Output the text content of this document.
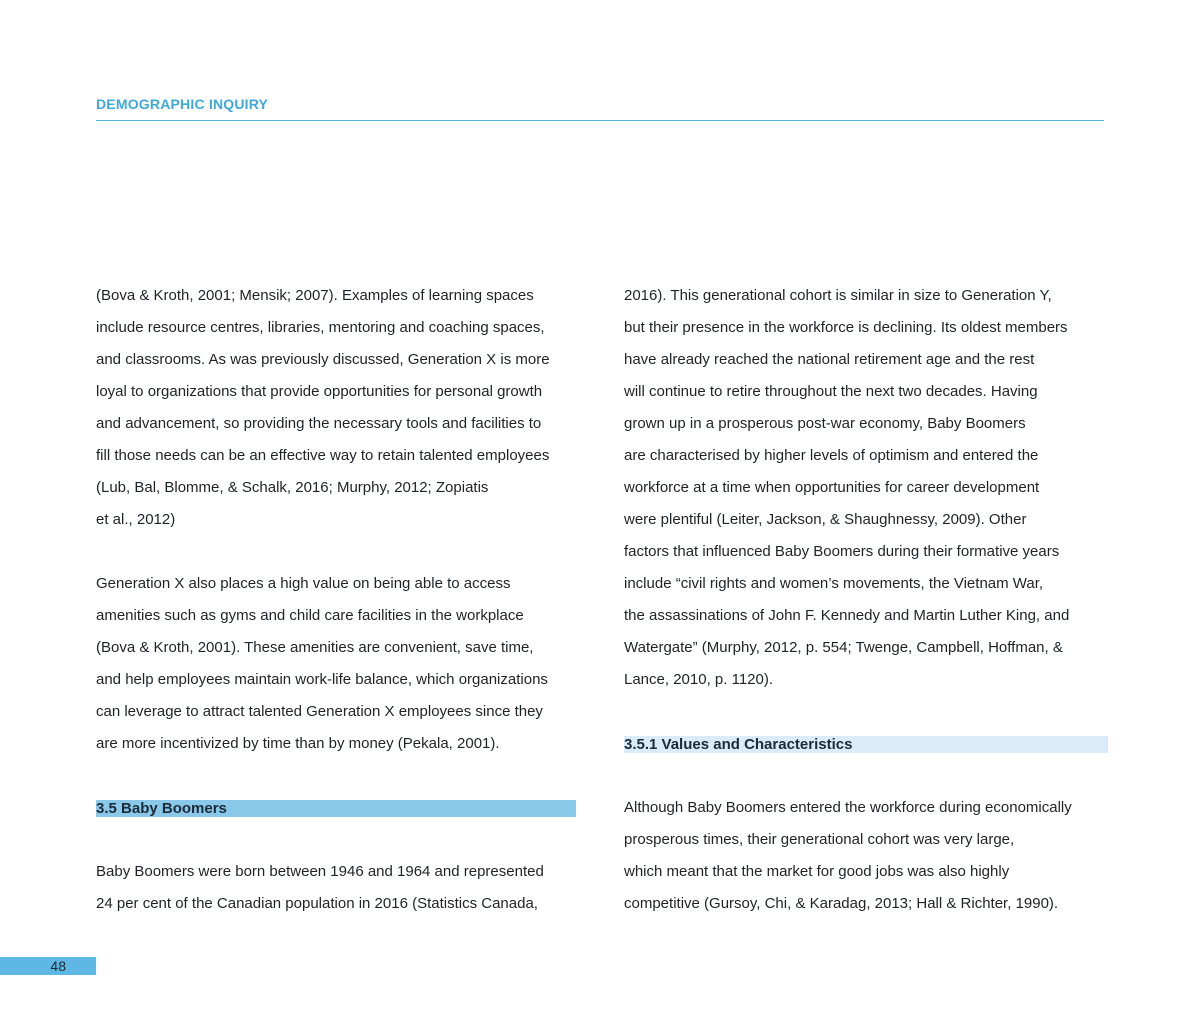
DEMOGRAPHIC INQUIRY
(Bova & Kroth, 2001; Mensik; 2007). Examples of learning spaces
include resource centres, libraries, mentoring and coaching spaces,
and classrooms. As was previously discussed, Generation X is more
loyal to organizations that provide opportunities for personal growth
and advancement, so providing the necessary tools and facilities to
fill those needs can be an effective way to retain talented employees
(Lub, Bal, Blomme, & Schalk, 2016; Murphy, 2012; Zopiatis
et al., 2012)
Generation X also places a high value on being able to access
amenities such as gyms and child care facilities in the workplace
(Bova & Kroth, 2001). These amenities are convenient, save time,
and help employees maintain work-life balance, which organizations
can leverage to attract talented Generation X employees since they
are more incentivized by time than by money (Pekala, 2001).
3.5 Baby Boomers
Baby Boomers were born between 1946 and 1964 and represented
24 per cent of the Canadian population in 2016 (Statistics Canada,
2016). This generational cohort is similar in size to Generation Y,
but their presence in the workforce is declining. Its oldest members
have already reached the national retirement age and the rest
will continue to retire throughout the next two decades. Having
grown up in a prosperous post-war economy, Baby Boomers
are characterised by higher levels of optimism and entered the
workforce at a time when opportunities for career development
were plentiful (Leiter, Jackson, & Shaughnessy, 2009). Other
factors that influenced Baby Boomers during their formative years
include “civil rights and women’s movements, the Vietnam War,
the assassinations of John F. Kennedy and Martin Luther King, and
Watergate” (Murphy, 2012, p. 554; Twenge, Campbell, Hoffman, &
Lance, 2010, p. 1120).
3.5.1 Values and Characteristics
Although Baby Boomers entered the workforce during economically
prosperous times, their generational cohort was very large,
which meant that the market for good jobs was also highly
competitive (Gursoy, Chi, & Karadag, 2013; Hall & Richter, 1990).
48
